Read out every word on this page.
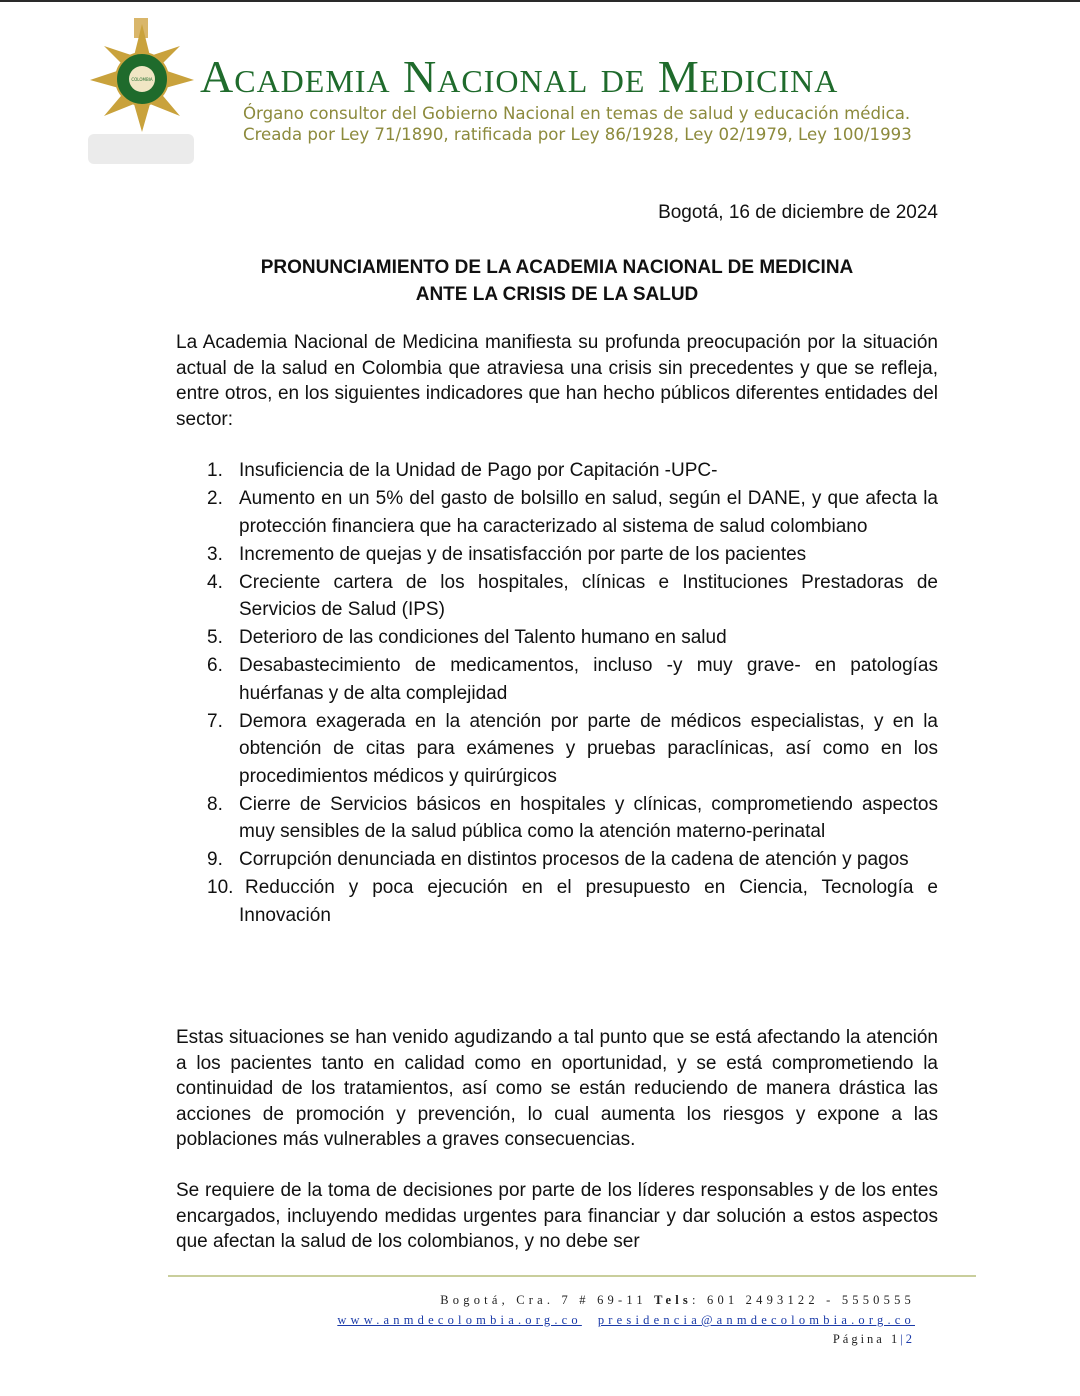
COLOMBIA Academia Nacional de Medicina
Órgano consultor del Gobierno Nacional en temas de salud y educación médica.
Creada por Ley 71/1890, ratificada por Ley 86/1928, Ley 02/1979, Ley 100/1993
Bogotá, 16 de diciembre de 2024
PRONUNCIAMIENTO DE LA ACADEMIA NACIONAL DE MEDICINA
ANTE LA CRISIS DE LA SALUD
La Academia Nacional de Medicina manifiesta su profunda preocupación por la situación actual de la salud en Colombia que atraviesa una crisis sin precedentes y que se refleja, entre otros, en los siguientes indicadores que han hecho públicos diferentes entidades del sector:
1. Insuficiencia de la Unidad de Pago por Capitación -UPC-
2. Aumento en un 5% del gasto de bolsillo en salud, según el DANE, y que afecta la protección financiera que ha caracterizado al sistema de salud colombiano
3. Incremento de quejas y de insatisfacción por parte de los pacientes
4. Creciente cartera de los hospitales, clínicas e Instituciones Prestadoras de Servicios de Salud (IPS)
5. Deterioro de las condiciones del Talento humano en salud
6. Desabastecimiento de medicamentos, incluso -y muy grave- en patologías huérfanas y de alta complejidad
7. Demora exagerada en la atención por parte de médicos especialistas, y en la obtención de citas para exámenes y pruebas paraclínicas, así como en los procedimientos médicos y quirúrgicos
8. Cierre de Servicios básicos en hospitales y clínicas, comprometiendo aspectos muy sensibles de la salud pública como la atención materno-perinatal
9. Corrupción denunciada en distintos procesos de la cadena de atención y pagos
10. Reducción y poca ejecución en el presupuesto en Ciencia, Tecnología e Innovación
Estas situaciones se han venido agudizando a tal punto que se está afectando la atención a los pacientes tanto en calidad como en oportunidad, y se está comprometiendo la continuidad de los tratamientos, así como se están reduciendo de manera drástica las acciones de promoción y prevención, lo cual aumenta los riesgos y expone a las poblaciones más vulnerables a graves consecuencias.
Se requiere de la toma de decisiones por parte de los líderes responsables y de los entes encargados, incluyendo medidas urgentes para financiar y dar solución a estos aspectos que afectan la salud de los colombianos, y no debe ser
Bogotá, Cra. 7 # 69-11 Tels: 601 2493122 - 5550555
www.anmdecolombia.org.co presidencia@anmdecolombia.org.co
Página 1|2
